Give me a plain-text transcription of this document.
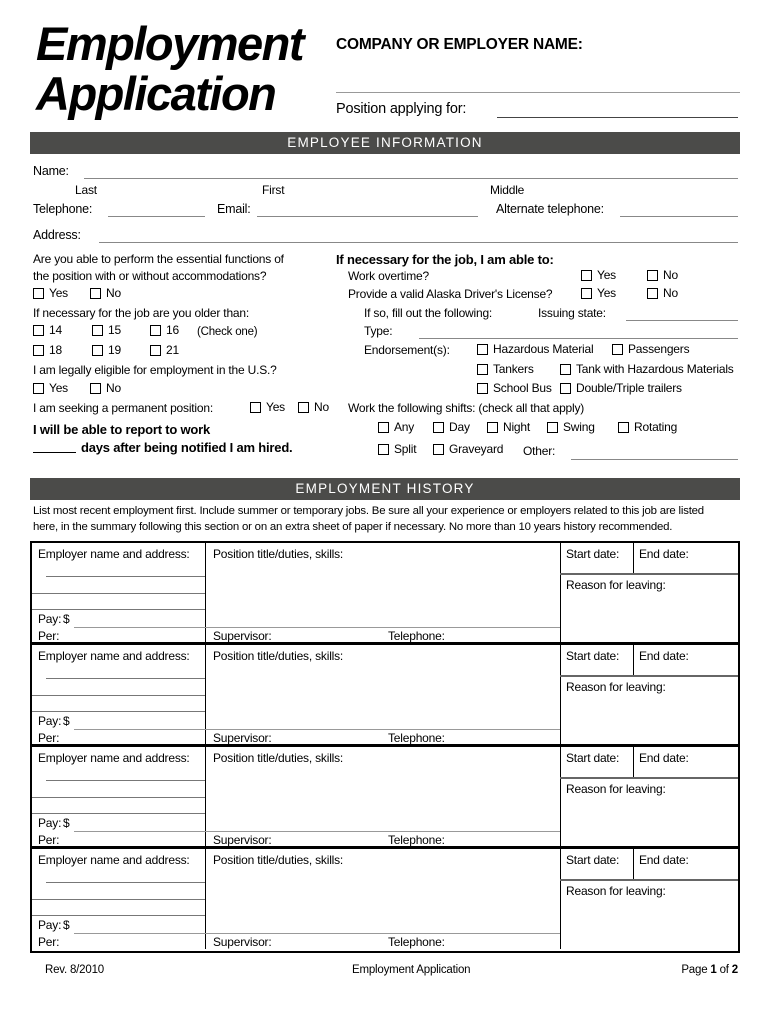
Employment
Application
COMPANY OR EMPLOYER NAME:
Position applying for:
EMPLOYEE INFORMATION
Name:
Last	First	Middle
Telephone:	Email:	Alternate telephone:
Address:
Are you able to perform the essential functions of
the position with or without accommodations?
Yes	No
If necessary for the job are you older than:
14	15	16 (Check one)
18	19	21
I am legally eligible for employment in the U.S.?
Yes	No
I am seeking a permanent position:	Yes No
I will be able to report to work
days after being notified I am hired.
If necessary for the job, I am able to:
Work overtime?	Yes	No
Provide a valid Alaska Driver's License?	Yes	No
If so, fill out the following:	Issuing state:
Type:
Endorsement(s):	Hazardous Material	Passengers
Tankers	Tank with Hazardous Materials
School Bus Double/Triple trailers
Work the following shifts: (check all that apply)
Any	Day	Night	Swing	Rotating
Split	Graveyard Other:
EMPLOYMENT HISTORY
List most recent employment first. Include summer or temporary jobs. Be sure all your experience or employers related to this job are listed
here, in the summary following this section or on an extra sheet of paper if necessary. No more than 10 years history recommended.
Employer name and address:
Pay: $
Per:
Position title/duties, skills:
Supervisor:	Telephone:
Start date: End date:
Reason for leaving:
Employer name and address:
Pay: $
Per:
Position title/duties, skills:
Supervisor:	Telephone:
Start date: End date:
Reason for leaving:
Employer name and address:
Pay: $
Per:
Position title/duties, skills:
Supervisor:	Telephone:
Start date: End date:
Reason for leaving:
Employer name and address:
Pay: $
Per:
Position title/duties, skills:
Supervisor:	Telephone:
Start date: End date:
Reason for leaving:
Rev. 8/2010	Employment Application	Page 1 of 2
